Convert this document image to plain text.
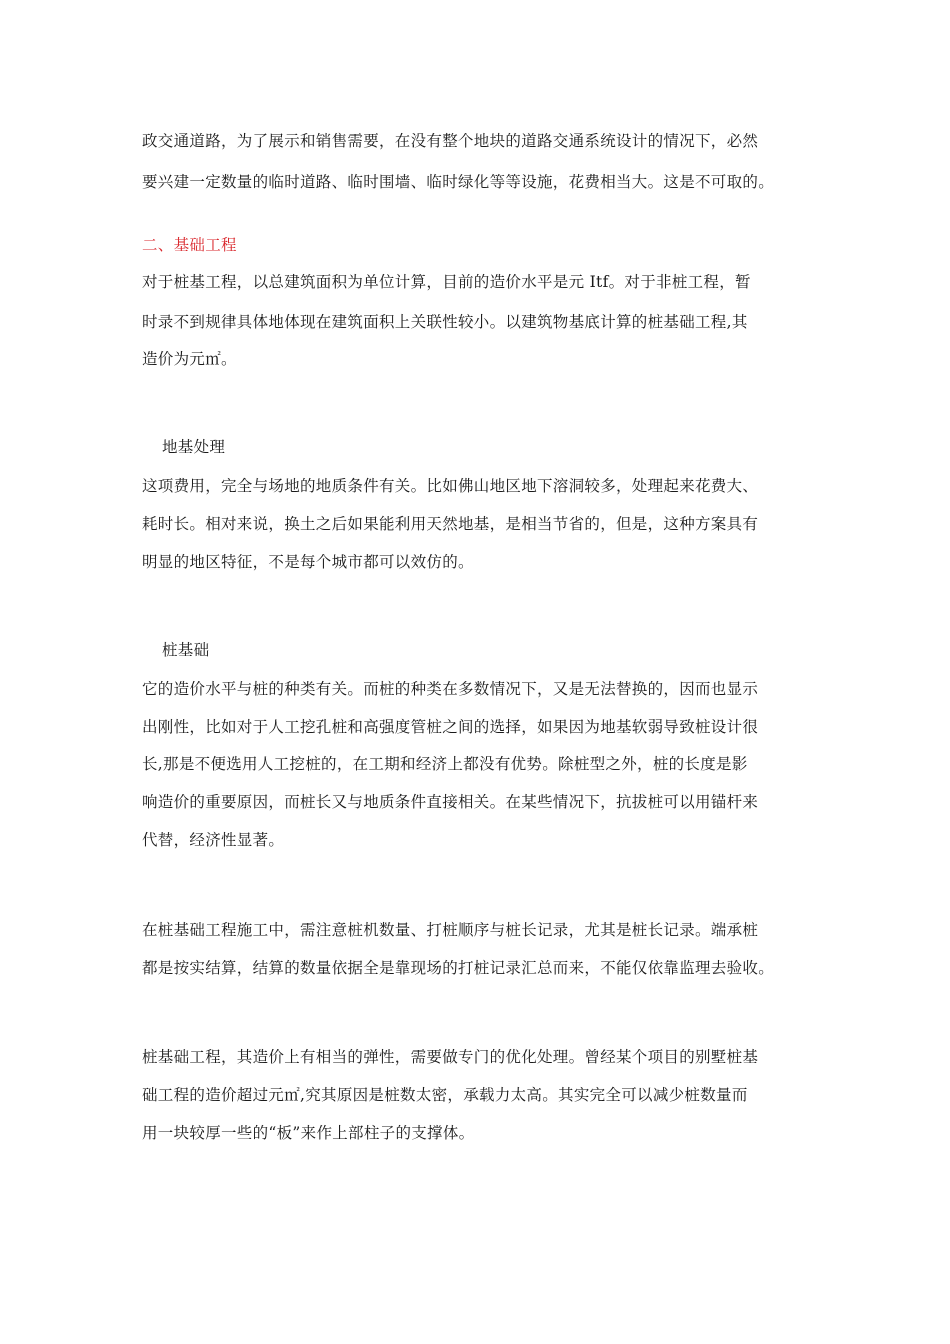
政交通道路，为了展示和销售需要，在没有整个地块的道路交通系统设计的情况下，必然
要兴建一定数量的临时道路、临时围墙、临时绿化等等设施，花费相当大。这是不可取的。
二、基础工程
对于桩基工程，以总建筑面积为单位计算，目前的造价水平是元 Itf。对于非桩工程，暂
时录不到规律具体地体现在建筑面积上关联性较小。以建筑物基底计算的桩基础工程,其
造价为元㎡。
地基处理
这项费用，完全与场地的地质条件有关。比如佛山地区地下溶洞较多，处理起来花费大、
耗时长。相对来说，换土之后如果能利用天然地基，是相当节省的，但是，这种方案具有
明显的地区特征，不是每个城市都可以效仿的。
桩基础
它的造价水平与桩的种类有关。而桩的种类在多数情况下，又是无法替换的，因而也显示
出刚性，比如对于人工挖孔桩和高强度管桩之间的选择，如果因为地基软弱导致桩设计很
长,那是不便选用人工挖桩的，在工期和经济上都没有优势。除桩型之外，桩的长度是影
响造价的重要原因，而桩长又与地质条件直接相关。在某些情况下，抗拔桩可以用锚杆来
代替，经济性显著。
在桩基础工程施工中，需注意桩机数量、打桩顺序与桩长记录，尤其是桩长记录。端承桩
都是按实结算，结算的数量依据全是靠现场的打桩记录汇总而来，不能仅依靠监理去验收。
桩基础工程，其造价上有相当的弹性，需要做专门的优化处理。曾经某个项目的别墅桩基
础工程的造价超过元㎡,究其原因是桩数太密，承载力太高。其实完全可以减少桩数量而
用一块较厚一些的“板”来作上部柱子的支撑体。
